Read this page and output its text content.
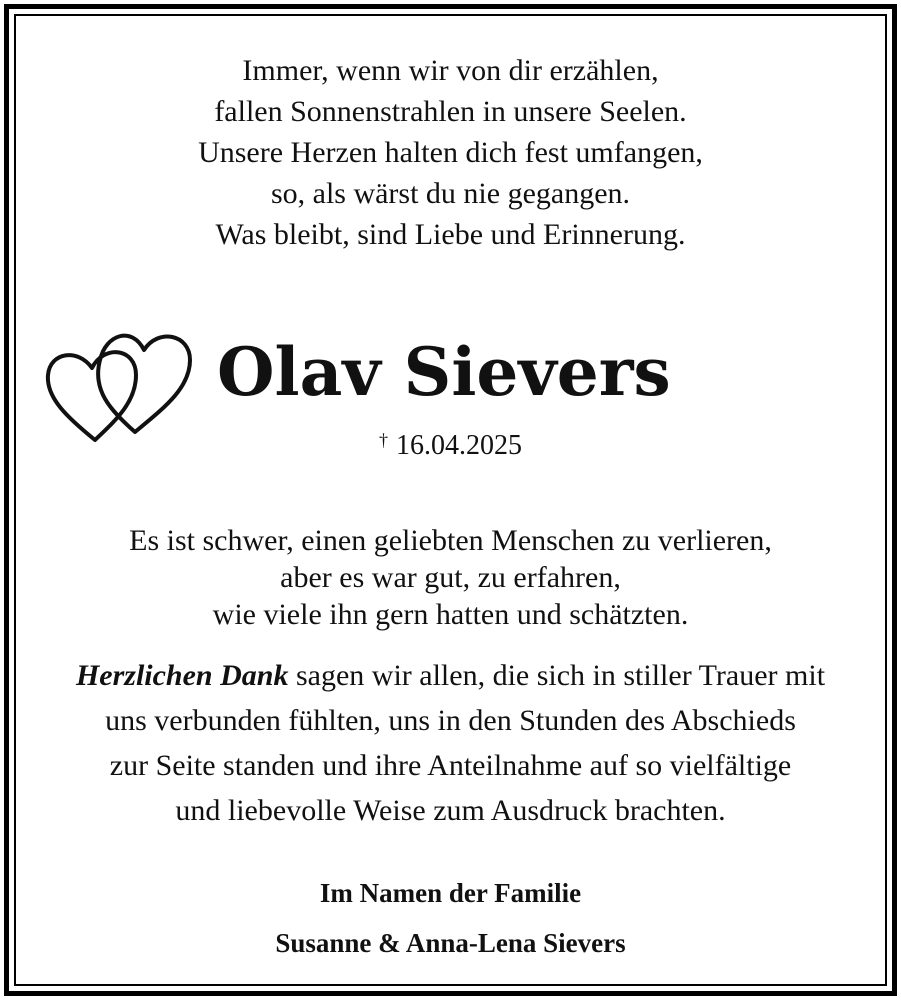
Immer, wenn wir von dir erzählen,
fallen Sonnenstrahlen in unsere Seelen.
Unsere Herzen halten dich fest umfangen,
so, als wärst du nie gegangen.
Was bleibt, sind Liebe und Erinnerung.
Olav Sievers
† 16.04.2025
Es ist schwer, einen geliebten Menschen zu verlieren,
aber es war gut, zu erfahren,
wie viele ihn gern hatten und schätzten.
Herzlichen Dank sagen wir allen, die sich in stiller Trauer mit
uns verbunden fühlten, uns in den Stunden des Abschieds
zur Seite standen und ihre Anteilnahme auf so vielfältige
und liebevolle Weise zum Ausdruck brachten.
Im Namen der Familie
Susanne & Anna-Lena Sievers
